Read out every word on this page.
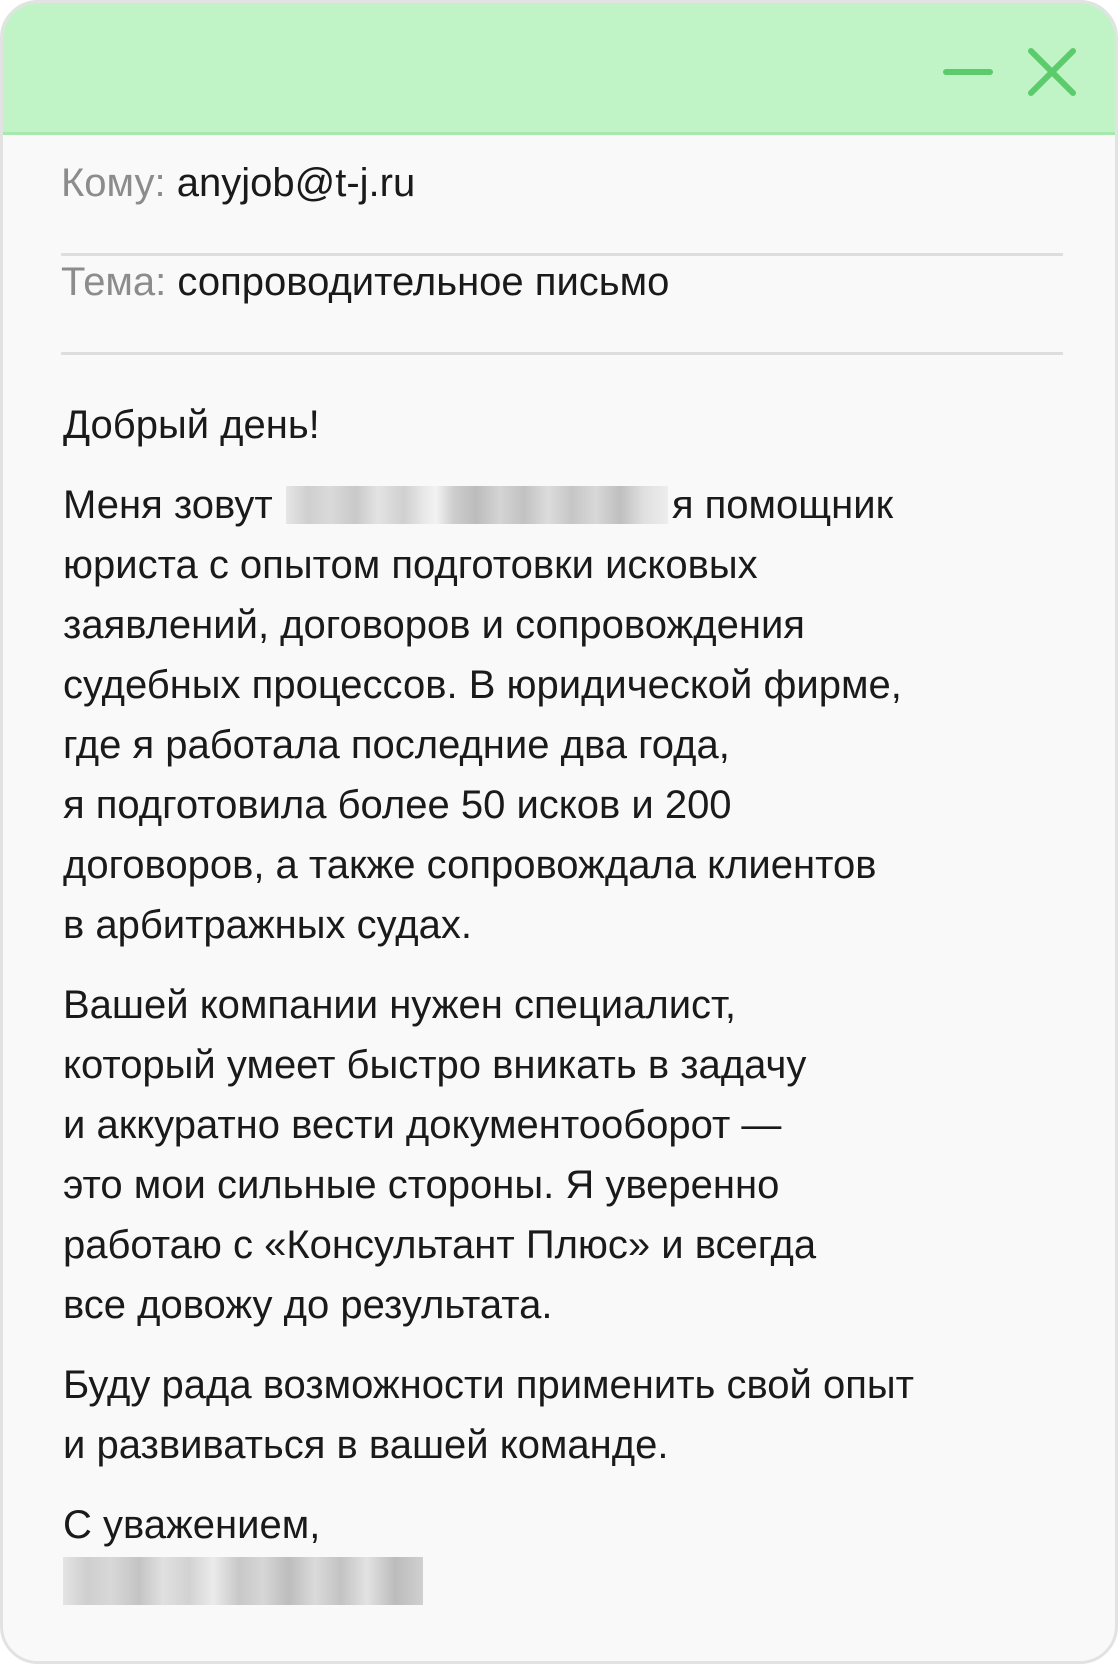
Кому: anyjob@t-j.ru
Тема: сопроводительное письмо

Добрый день!

Меня зовут	я помощник
юриста с опытом подготовки исковых
заявлений, договоров и сопровождения
судебных процессов. В юридической фирме,
где я работала последние два года,
я подготовила более 50 исков и 200
договоров, а также сопровождала клиентов
в арбитражных судах.

Вашей компании нужен специалист,
который умеет быстро вникать в задачу
и аккуратно вести документооборот —
это мои сильные стороны. Я уверенно
работаю с «Консультант Плюс» и всегда
все довожу до результата.

Буду рада возможности применить свой опыт
и развиваться в вашей команде.

С уважением,
